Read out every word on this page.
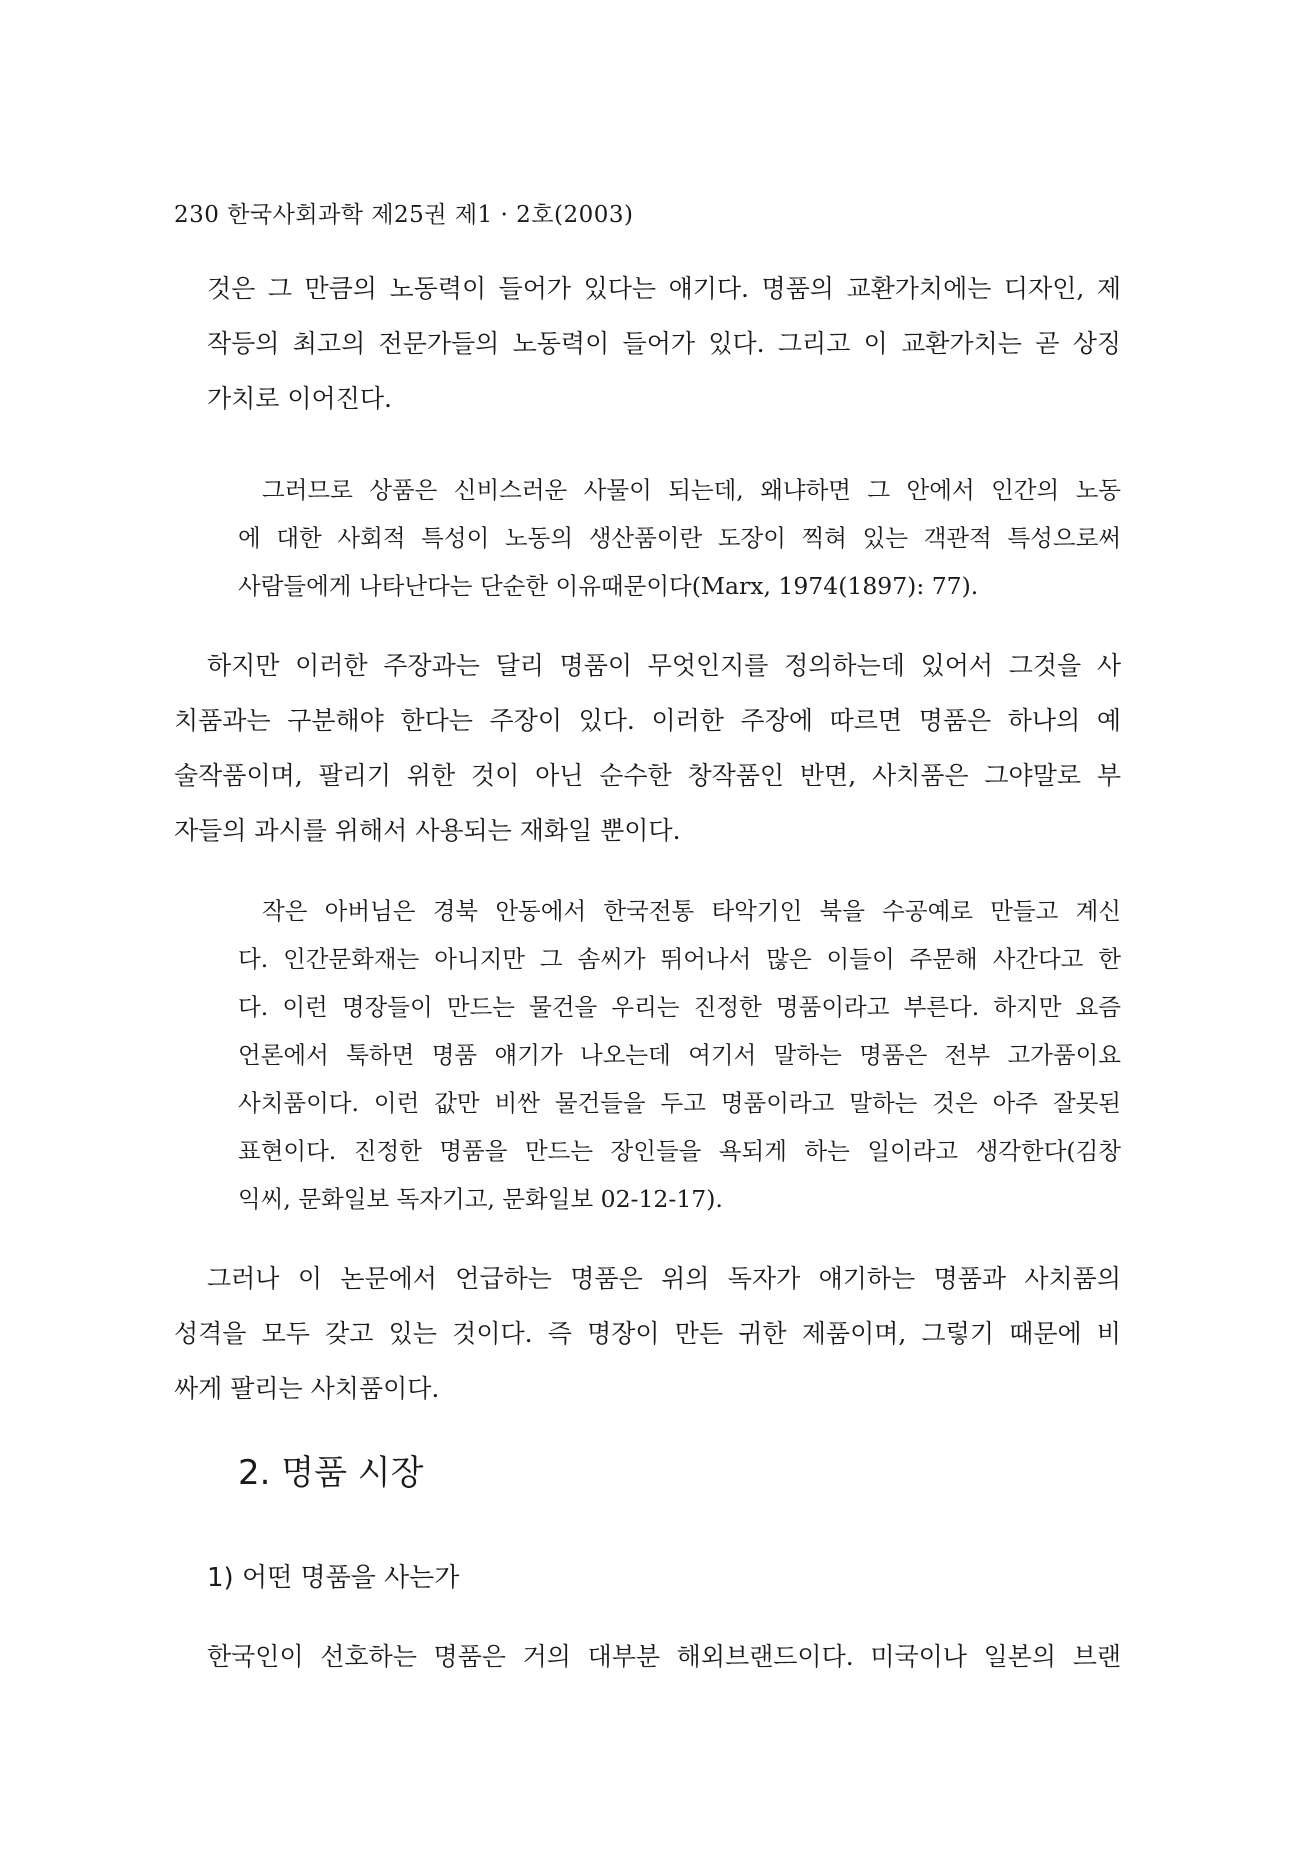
230 한국사회과학 제25권 제1 · 2호(2003)
것은 그 만큼의 노동력이 들어가 있다는 얘기다. 명품의 교환가치에는 디자인, 제
작등의 최고의 전문가들의 노동력이 들어가 있다. 그리고 이 교환가치는 곧 상징
가치로 이어진다.
그러므로 상품은 신비스러운 사물이 되는데, 왜냐하면 그 안에서 인간의 노동
에 대한 사회적 특성이 노동의 생산품이란 도장이 찍혀 있는 객관적 특성으로써
사람들에게 나타난다는 단순한 이유때문이다(Marx, 1974(1897): 77).
하지만 이러한 주장과는 달리 명품이 무엇인지를 정의하는데 있어서 그것을 사
치품과는 구분해야 한다는 주장이 있다. 이러한 주장에 따르면 명품은 하나의 예
술작품이며, 팔리기 위한 것이 아닌 순수한 창작품인 반면, 사치품은 그야말로 부
자들의 과시를 위해서 사용되는 재화일 뿐이다.
작은 아버님은 경북 안동에서 한국전통 타악기인 북을 수공예로 만들고 계신
다. 인간문화재는 아니지만 그 솜씨가 뛰어나서 많은 이들이 주문해 사간다고 한
다. 이런 명장들이 만드는 물건을 우리는 진정한 명품이라고 부른다. 하지만 요즘
언론에서 툭하면 명품 얘기가 나오는데 여기서 말하는 명품은 전부 고가품이요
사치품이다. 이런 값만 비싼 물건들을 두고 명품이라고 말하는 것은 아주 잘못된
표현이다. 진정한 명품을 만드는 장인들을 욕되게 하는 일이라고 생각한다(김창
익씨, 문화일보 독자기고, 문화일보 02-12-17).
그러나 이 논문에서 언급하는 명품은 위의 독자가 얘기하는 명품과 사치품의
성격을 모두 갖고 있는 것이다. 즉 명장이 만든 귀한 제품이며, 그렇기 때문에 비
싸게 팔리는 사치품이다.
2. 명품 시장
1) 어떤 명품을 사는가
한국인이 선호하는 명품은 거의 대부분 해외브랜드이다. 미국이나 일본의 브랜
